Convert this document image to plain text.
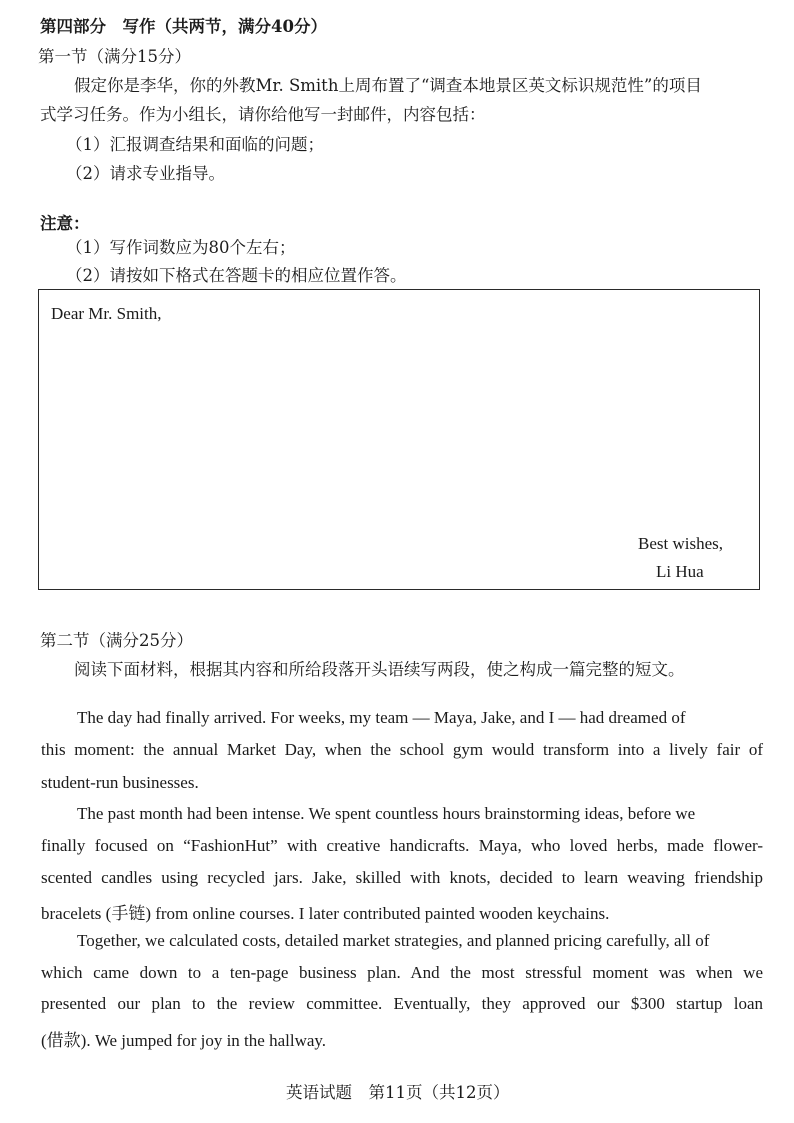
第四部分　写作（共两节，满分40分）
第一节（满分15分）
假定你是李华，你的外教Mr. Smith上周布置了“调查本地景区英文标识规范性”的项目
式学习任务。作为小组长，请你给他写一封邮件，内容包括：
（1）汇报调查结果和面临的问题；
（2）请求专业指导。
注意：
（1）写作词数应为80个左右；
（2）请按如下格式在答题卡的相应位置作答。
Dear Mr. Smith,
Best wishes,
Li Hua
第二节（满分25分）
阅读下面材料，根据其内容和所给段落开头语续写两段，使之构成一篇完整的短文。
The day had finally arrived. For weeks, my team — Maya, Jake, and I — had dreamed of
this moment: the annual Market Day, when the school gym would transform into a lively fair of
student-run businesses.
The past month had been intense. We spent countless hours brainstorming ideas, before we
finally focused on “FashionHut” with creative handicrafts. Maya, who loved herbs, made flower-
scented candles using recycled jars. Jake, skilled with knots, decided to learn weaving friendship
bracelets (手链) from online courses. I later contributed painted wooden keychains.
Together, we calculated costs, detailed market strategies, and planned pricing carefully, all of
which came down to a ten-page business plan. And the most stressful moment was when we
presented our plan to the review committee. Eventually, they approved our $300 startup loan
(借款). We jumped for joy in the hallway.
英语试题　第11页（共12页）
